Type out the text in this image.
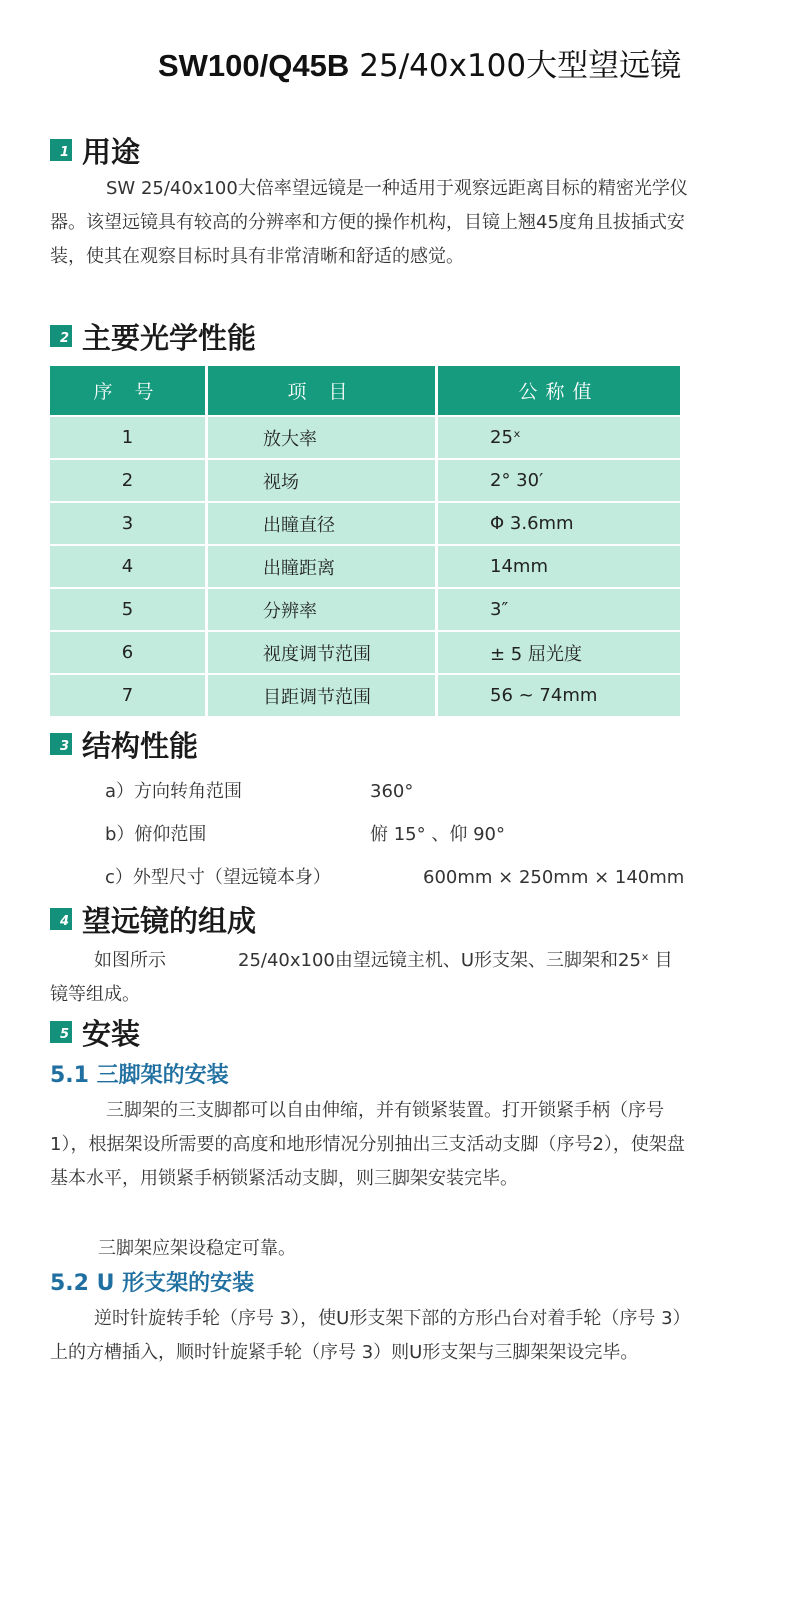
SW100/Q45B 25/40x100大型望远镜
1 用途

SW 25/40x100大倍率望远镜是一种适用于观察远距离目标的精密光学仪器。该望远镜具有较高的分辨率和方便的操作机构，目镜上翘45度角且拔插式安装，使其在观察目标时具有非常清晰和舒适的感觉。

2 主要光学性能
序 号	项 目	公称值
1	放大率	25ˣ
2	视场	2° 30′
3	出瞳直径	Φ 3.6mm
4	出瞳距离	14mm
5	分辨率	3″
6	视度调节范围	± 5 屈光度
7	目距调节范围	56 ~ 74mm
3 结构性能
a）方向转角范围	360°
b）俯仰范围	俯 15° 、仰 90°
c）外型尺寸（望远镜本身）	600mm × 250mm × 140mm
4 望远镜的组成

如图所示　　　　25/40x100由望远镜主机、U形支架、三脚架和25ˣ 目镜等组成。

5 安装
5.1 三脚架的安装

三脚架的三支脚都可以自由伸缩，并有锁紧装置。打开锁紧手柄（序号 1），根据架设所需要的高度和地形情况分别抽出三支活动支脚（序号2），使架盘基本水平，用锁紧手柄锁紧活动支脚，则三脚架安装完毕。

三脚架应架设稳定可靠。

5.2 U 形支架的安装

逆时针旋转手轮（序号 3），使U形支架下部的方形凸台对着手轮（序号 3）上的方槽插入，顺时针旋紧手轮（序号 3）则U形支架与三脚架架设完毕。
